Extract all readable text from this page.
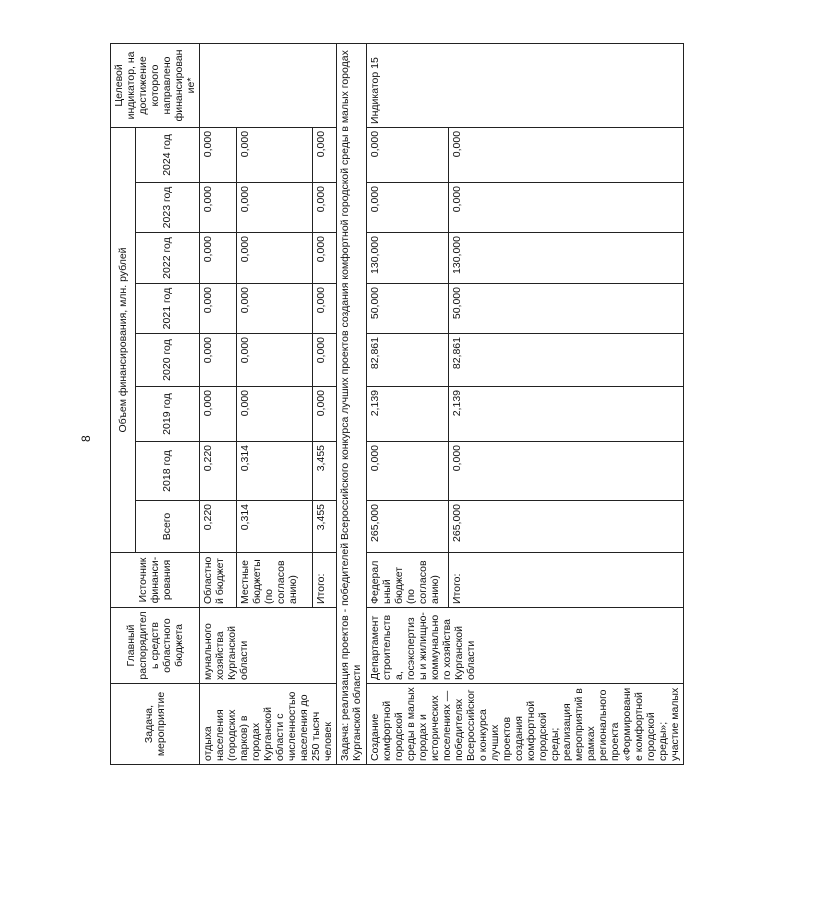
8
Задача, мероприятие	Главный распорядитель средств областного бюджета	Источник финанси-рования	Объем финансирования, млн. рублей								Целевой индикатор, на достижение которого направлено финансирование*
			Всего	2018 год	2019 год	2020 год	2021 год	2022 год	2023 год	2024 год	
отдыха населения (городских парков) в городах Курганской области с численностью населения до 250 тысяч человек	мунального хозяйства Курганской области	Областной бюджет	0,220	0,220	0,000	0,000	0,000	0,000	0,000	0,000	
		Местные бюджеты (по согласованию)	0,314	0,314	0,000	0,000	0,000	0,000	0,000	0,000	
		Итого:	3,455	3,455	0,000	0,000	0,000	0,000	0,000	0,000	
Задача: реализация проектов - победителей Всероссийского конкурса лучших проектов создания комфортной городской среды в малых городах Курганской области											
Создание комфортной городской среды в малых городах и исторических поселениях — победителях Всероссийского конкурса лучших проектов создания комфортной городской среды; реализация мероприятий в рамках регионального проекта «Формирование комфортной городской среды»; участие малых	Департамент строительства, госэкспертизы и жилищно-коммунального хозяйства Курганской области	Федеральный бюджет (по согласованию)	265,000	0,000	2,139	82,861	50,000	130,000	0,000	0,000	Индикатор 15
		Итого:	265,000	0,000	2,139	82,861	50,000	130,000	0,000	0,000	
